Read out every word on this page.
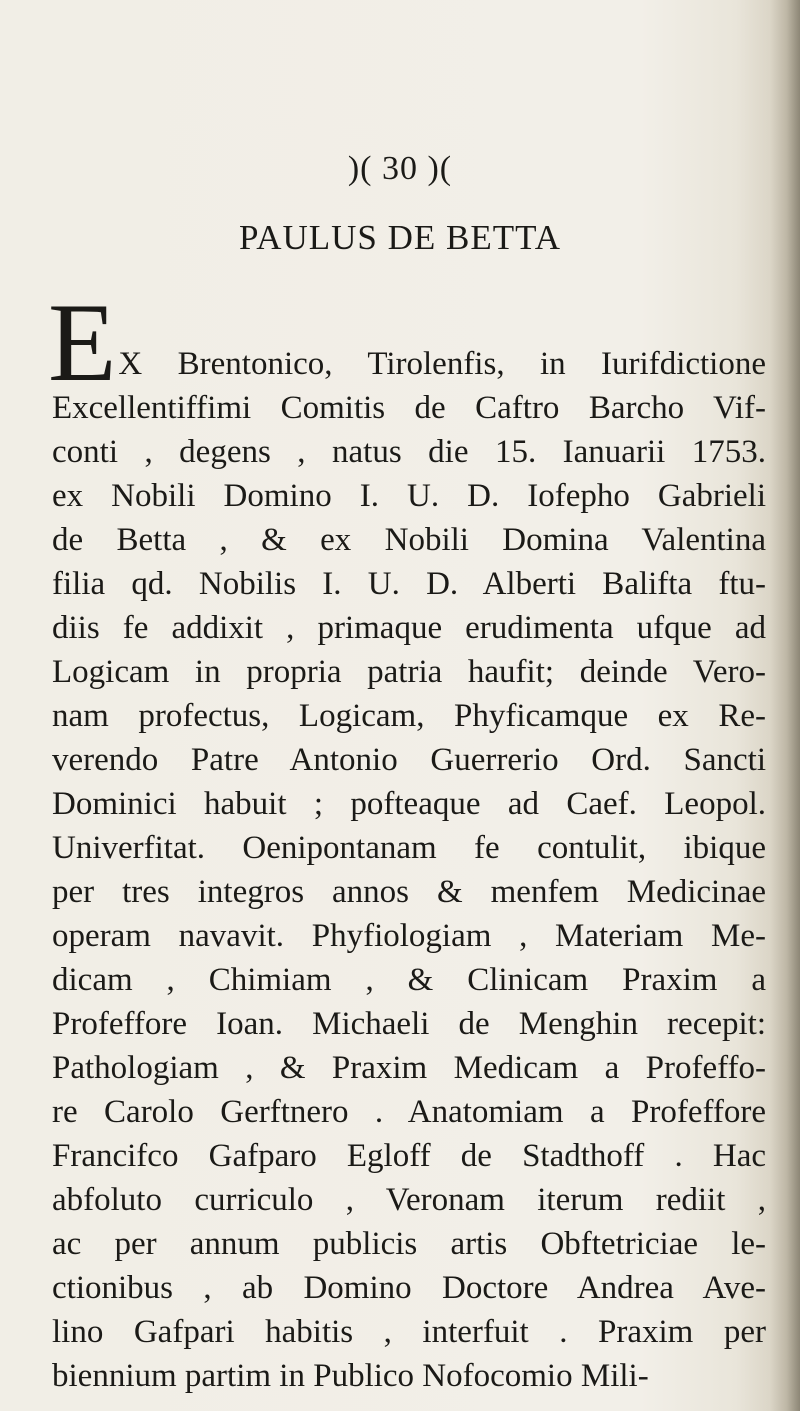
)( 30 )(
PAULUS DE BETTA
E X Brentonico, Tirolenfis, in Iurifdictione
Excellentiffimi Comitis de Caftro Barcho Vif-
conti , degens , natus die 15. Ianuarii 1753.
ex Nobili Domino I. U. D. Iofepho Gabrieli
de Betta , & ex Nobili Domina Valentina
filia qd. Nobilis I. U. D. Alberti Balifta ftu-
diis fe addixit , primaque erudimenta ufque ad
Logicam in propria patria haufit; deinde Vero-
nam profectus, Logicam, Phyficamque ex Re-
verendo Patre Antonio Guerrerio Ord. Sancti
Dominici habuit ; pofteaque ad Caef. Leopol.
Univerfitat. Oenipontanam fe contulit, ibique
per tres integros annos & menfem Medicinae
operam navavit. Phyfiologiam , Materiam Me-
dicam , Chimiam , & Clinicam Praxim a
Profeffore Ioan. Michaeli de Menghin recepit:
Pathologiam , & Praxim Medicam a Profeffo-
re Carolo Gerftnero . Anatomiam a Profeffore
Francifco Gafparo Egloff de Stadthoff . Hac
abfoluto curriculo , Veronam iterum rediit ,
ac per annum publicis artis Obftetriciae le-
ctionibus , ab Domino Doctore Andrea Ave-
lino Gafpari habitis , interfuit . Praxim per
biennium partim in Publico Nofocomio Mili-
